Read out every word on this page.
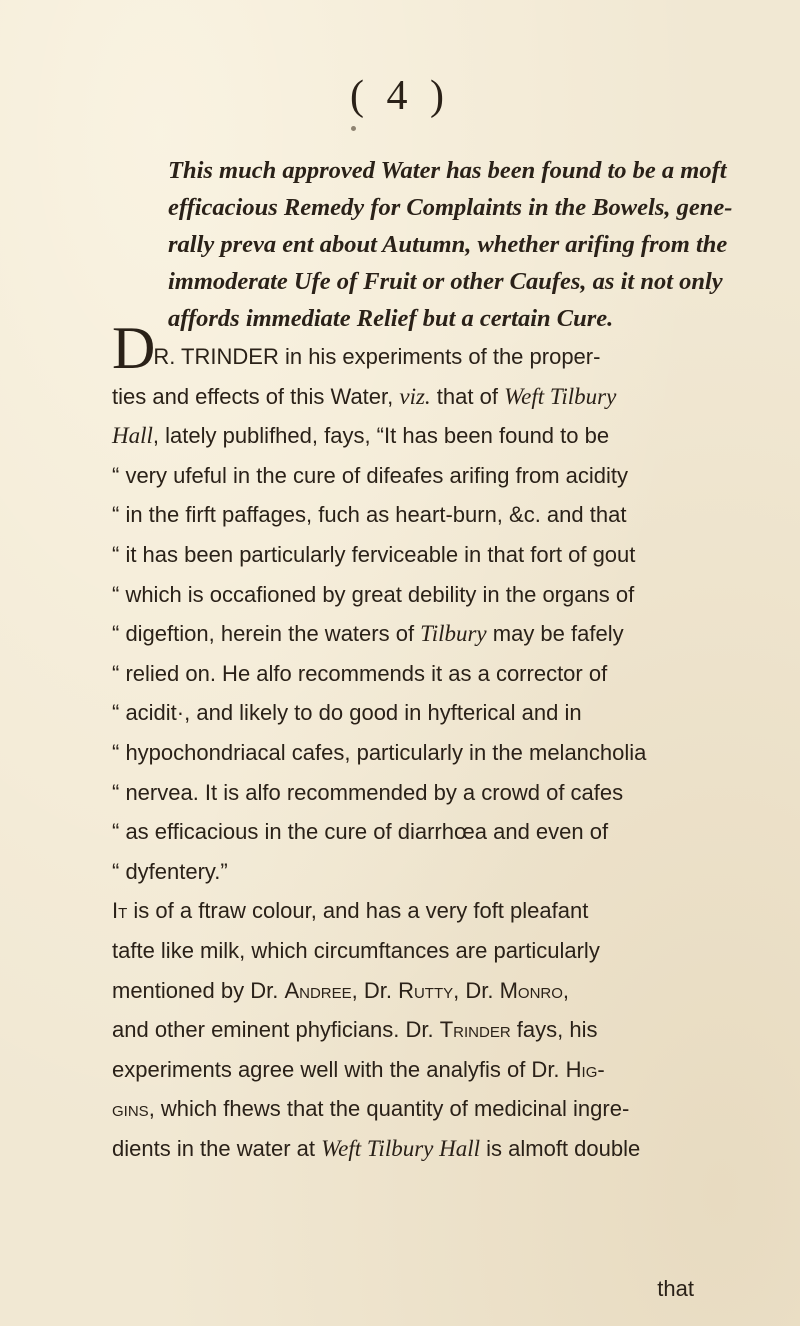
( 4 )

This much approved Water has been found to be a moft
efficacious Remedy for Complaints in the Bowels, gene-
rally preva ent about Autumn, whether arifing from the
immoderate Ufe of Fruit or other Caufes, as it not only
affords immediate Relief but a certain Cure.

DR. TRINDER in his experiments of the proper-
ties and effects of this Water, viz. that of Weft Tilbury
Hall, lately publifhed, fays, “It has been found to be
“ very ufeful in the cure of difeafes arifing from acidity
“ in the firft paffages, fuch as heart-burn, &c. and that
“ it has been particularly ferviceable in that fort of gout
“ which is occafioned by great debility in the organs of
“ digeftion, herein the waters of Tilbury may be fafely
“ relied on. He alfo recommends it as a corrector of
“ acidit·, and likely to do good in hyfterical and in
“ hypochondriacal cafes, particularly in the melancholia
“ nervea. It is alfo recommended by a crowd of cafes
“ as efficacious in the cure of diarrhœa and even of
“ dyfentery.”
It is of a ftraw colour, and has a very foft pleafant
tafte like milk, which circumftances are particularly
mentioned by Dr. Andree, Dr. Rutty, Dr. Monro,
and other eminent phyficians. Dr. Trinder fays, his
experiments agree well with the analyfis of Dr. Hig-
gins, which fhews that the quantity of medicinal ingre-
dients in the water at Weft Tilbury Hall is almoft double
that
